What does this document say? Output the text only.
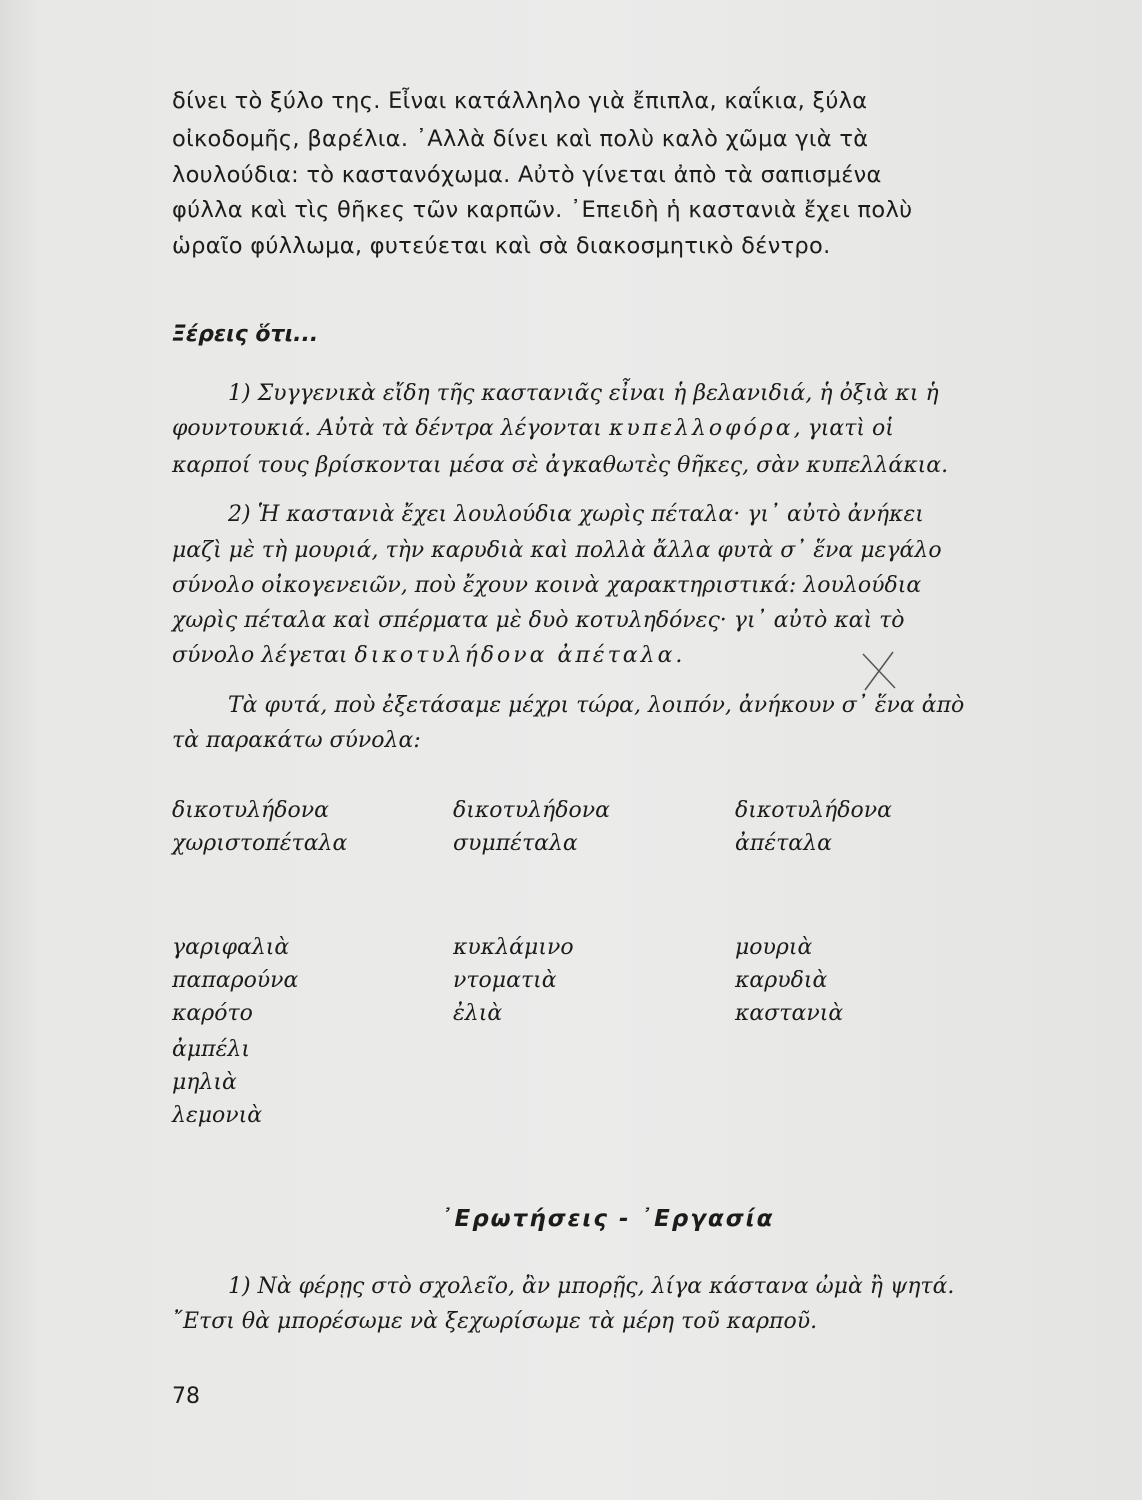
δίνει τὸ ξύλο της. Εἶναι κατάλληλο γιὰ ἔπιπλα, καΐκια, ξύλα
οἰκοδομῆς, βαρέλια. ᾽Αλλὰ δίνει καὶ πολὺ καλὸ χῶμα γιὰ τὰ
λουλούδια: τὸ καστανόχωμα. Αὐτὸ γίνεται ἀπὸ τὰ σαπισμένα
φύλλα καὶ τὶς θῆκες τῶν καρπῶν. ᾽Επειδὴ ἡ καστανιὰ ἔχει πολὺ
ὡραῖο φύλλωμα, φυτεύεται καὶ σὰ διακοσμητικὸ δέντρο.
Ξέρεις ὅτι...
1) Συγγενικὰ εἴδη τῆς καστανιᾶς εἶναι ἡ βελανιδιά, ἡ ὀξιὰ κι ἡ
φουντουκιά. Αὐτὰ τὰ δέντρα λέγονται κυπελλοφόρα, γιατὶ οἱ
καρποί τους βρίσκονται μέσα σὲ ἀγκαθωτὲς θῆκες, σὰν κυπελλάκια.
2) Ἡ καστανιὰ ἔχει λουλούδια χωρὶς πέταλα· γι᾽ αὐτὸ ἀνήκει
μαζὶ μὲ τὴ μουριά, τὴν καρυδιὰ καὶ πολλὰ ἄλλα φυτὰ σ᾽ ἕνα μεγάλο
σύνολο οἰκογενειῶν, ποὺ ἔχουν κοινὰ χαρακτηριστικά: λουλούδια
χωρὶς πέταλα καὶ σπέρματα μὲ δυὸ κοτυληδόνες· γι᾽ αὐτὸ καὶ τὸ
σύνολο λέγεται δικοτυλήδονα ἀπέταλα.
Τὰ φυτά, ποὺ ἐξετάσαμε μέχρι τώρα, λοιπόν, ἀνήκουν σ᾽ ἕνα ἀπὸ
τὰ παρακάτω σύνολα:
δικοτυλήδονα
χωριστοπέταλα
δικοτυλήδονα
συμπέταλα
δικοτυλήδονα
ἀπέταλα
γαριφαλιὰ
παπαρούνα
καρότο
ἀμπέλι
μηλιὰ
λεμονιὰ
κυκλάμινο
ντοματιὰ
ἐλιὰ
μουριὰ
καρυδιὰ
καστανιὰ
᾽Ερωτήσεις - ᾽Εργασία
1) Νὰ φέρῃς στὸ σχολεῖο, ἂν μπορῇς, λίγα κάστανα ὠμὰ ἢ ψητά.
῎Ετσι θὰ μπορέσωμε νὰ ξεχωρίσωμε τὰ μέρη τοῦ καρποῦ.
78
